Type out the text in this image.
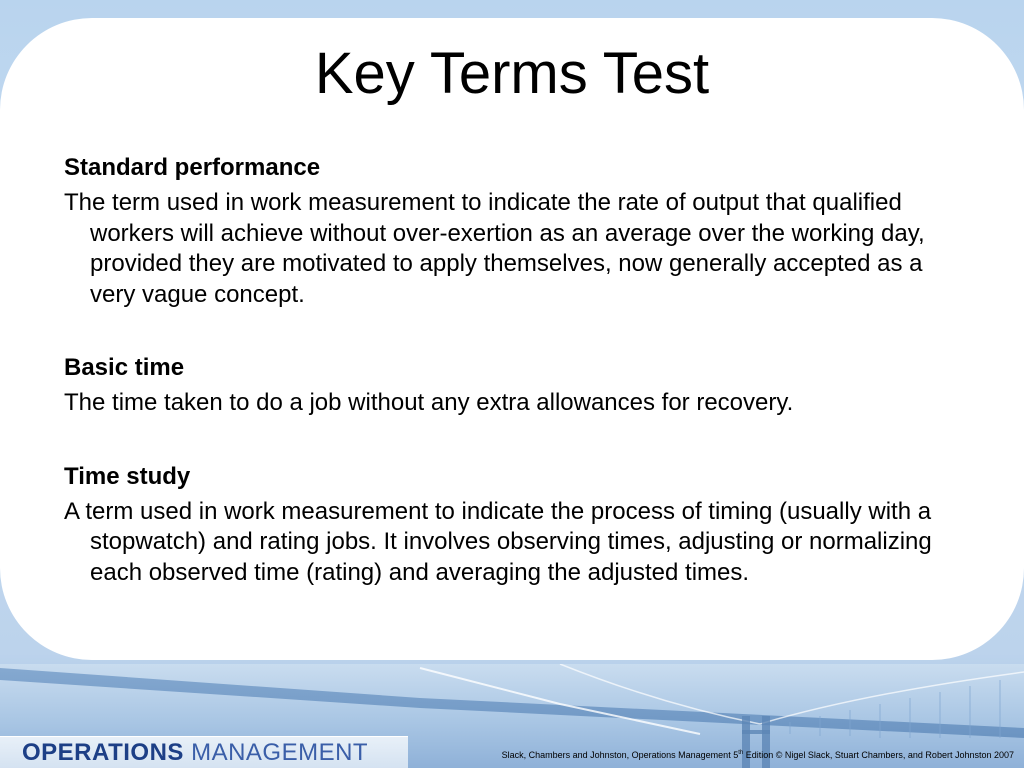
Key Terms Test

Standard performance

The term used in work measurement to indicate the rate of output that qualified workers will achieve without over-exertion as an average over the working day, provided they are motivated to apply themselves, now generally accepted as a very vague concept.

Basic time

The time taken to do a job without any extra allowances for recovery.

Time study

A term used in work measurement to indicate the process of timing (usually with a stopwatch) and rating jobs. It involves observing times, adjusting or normalizing each observed time (rating) and averaging the adjusted times.

OPERATIONS MANAGEMENT	Slack, Chambers and Johnston, Operations Management 5th Edition © Nigel Slack, Stuart Chambers, and Robert Johnston 2007
